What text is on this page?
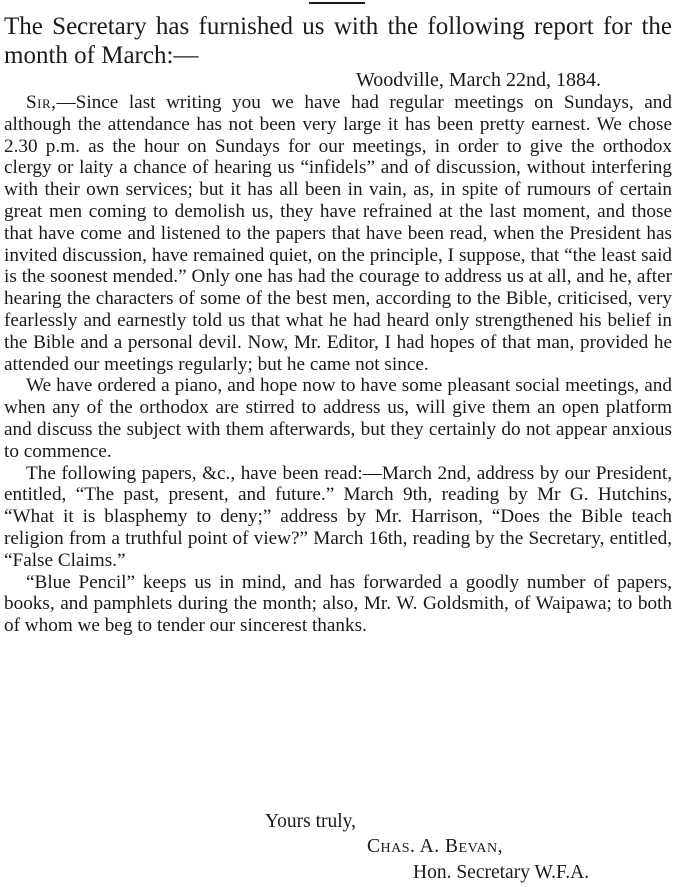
The Secretary has furnished us with the following report for the month of March:—

Woodville, March 22nd, 1884.

Sir,—Since last writing you we have had regular meetings on Sundays, and although the attendance has not been very large it has been pretty earnest. We chose 2.30 p.m. as the hour on Sundays for our meetings, in order to give the orthodox clergy or laity a chance of hearing us “infidels” and of discussion, without interfering with their own services; but it has all been in vain, as, in spite of rumours of certain great men coming to demolish us, they have refrained at the last moment, and those that have come and listened to the papers that have been read, when the President has invited discussion, have remained quiet, on the principle, I suppose, that “the least said is the soonest mended.” Only one has had the courage to address us at all, and he, after hearing the characters of some of the best men, according to the Bible, criticised, very fearlessly and earnestly told us that what he had heard only strengthened his belief in the Bible and a personal devil. Now, Mr. Editor, I had hopes of that man, provided he attended our meetings regularly; but he came not since.

We have ordered a piano, and hope now to have some pleasant social meetings, and when any of the orthodox are stirred to address us, will give them an open platform and discuss the subject with them afterwards, but they certainly do not appear anxious to commence.

The following papers, &c., have been read:—March 2nd, address by our President, entitled, “The past, present, and future.” March 9th, reading by Mr G. Hutchins, “What it is blasphemy to deny;” address by Mr. Harrison, “Does the Bible teach religion from a truthful point of view?” March 16th, reading by the Secretary, entitled, “False Claims.”

“Blue Pencil” keeps us in mind, and has forwarded a goodly number of papers, books, and pamphlets during the month; also, Mr. W. Goldsmith, of Waipawa; to both of whom we beg to tender our sincerest thanks.

Yours truly,

Chas. A. Bevan,

Hon. Secretary W.F.A.
